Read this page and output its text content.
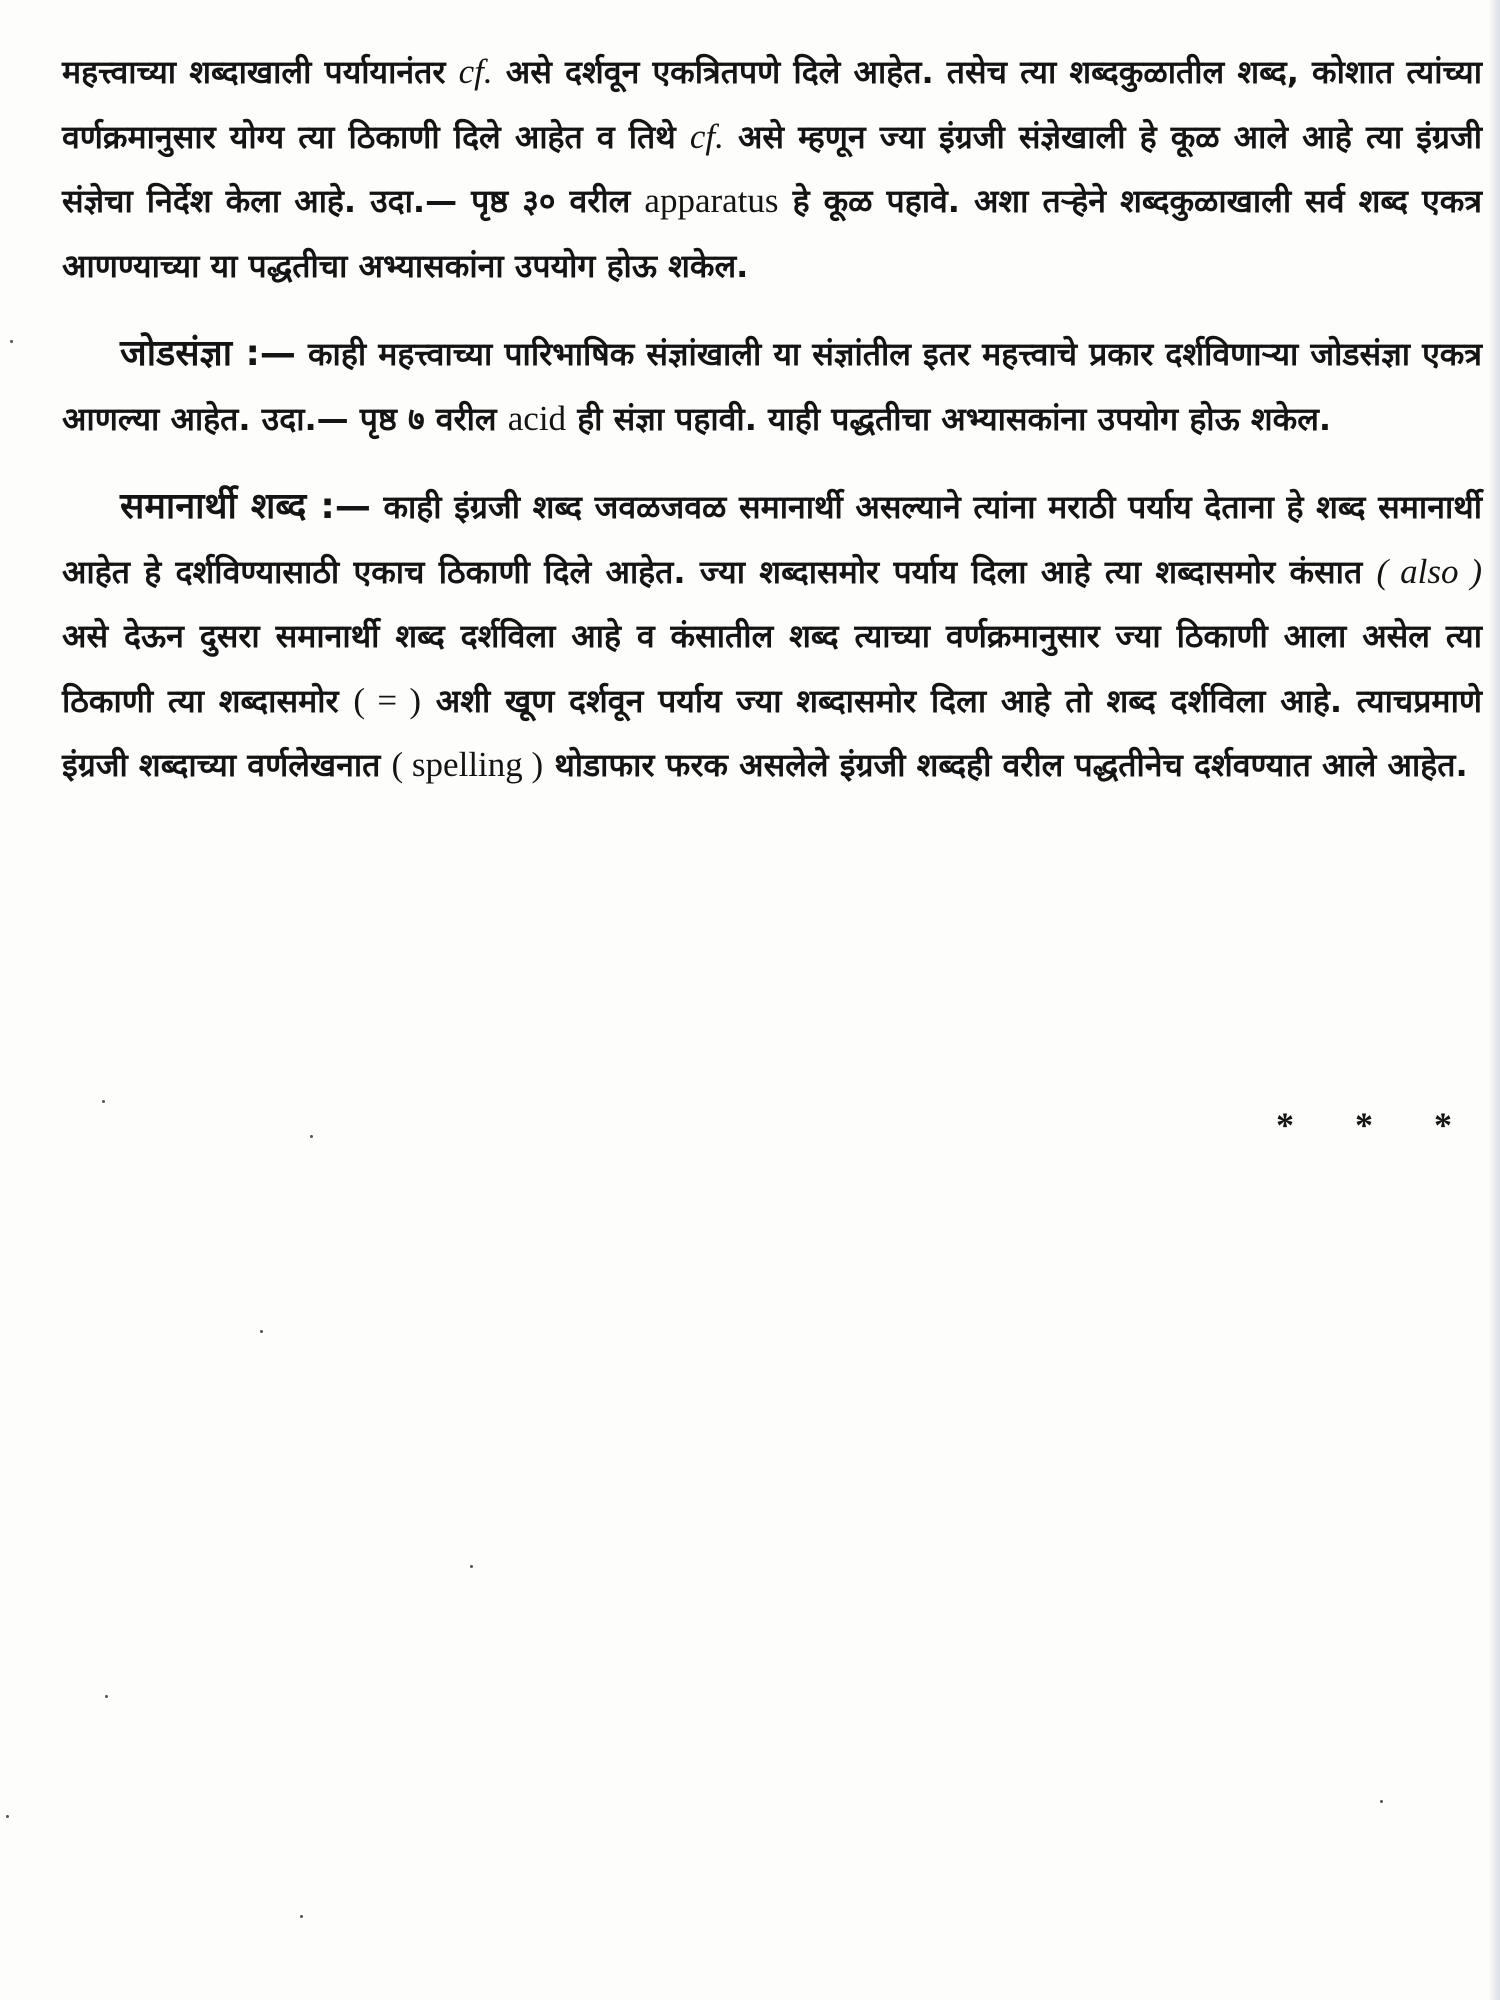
महत्त्वाच्या शब्दाखाली पर्यायानंतर cf. असे दर्शवून एकत्रितपणे दिले आहेत. तसेच त्या शब्दकुळातील शब्द, कोशात त्यांच्या वर्णक्रमानुसार योग्य त्या ठिकाणी दिले आहेत व तिथे cf. असे म्हणून ज्या इंग्रजी संज्ञेखाली हे कूळ आले आहे त्या इंग्रजी संज्ञेचा निर्देश केला आहे. उदा.— पृष्ठ ३० वरील apparatus हे कूळ पहावे. अशा तऱ्हेने शब्दकुळाखाली सर्व शब्द एकत्र आणण्याच्या या पद्धतीचा अभ्यासकांना उपयोग होऊ शकेल.

जोडसंज्ञा :— काही महत्त्वाच्या पारिभाषिक संज्ञांखाली या संज्ञांतील इतर महत्त्वाचे प्रकार दर्शविणाऱ्या जोडसंज्ञा एकत्र आणल्या आहेत. उदा.— पृष्ठ ७ वरील acid ही संज्ञा पहावी. याही पद्धतीचा अभ्यासकांना उपयोग होऊ शकेल.

समानार्थी शब्द :— काही इंग्रजी शब्द जवळजवळ समानार्थी असल्याने त्यांना मराठी पर्याय देताना हे शब्द समानार्थी आहेत हे दर्शविण्यासाठी एकाच ठिकाणी दिले आहेत. ज्या शब्दासमोर पर्याय दिला आहे त्या शब्दासमोर कंसात ( also ) असे देऊन दुसरा समानार्थी शब्द दर्शविला आहे व कंसातील शब्द त्याच्या वर्णक्रमानुसार ज्या ठिकाणी आला असेल त्या ठिकाणी त्या शब्दासमोर ( = ) अशी खूण दर्शवून पर्याय ज्या शब्दासमोर दिला आहे तो शब्द दर्शविला आहे. त्याचप्रमाणे इंग्रजी शब्दाच्या वर्णलेखनात ( spelling ) थोडाफार फरक असलेले इंग्रजी शब्दही वरील पद्धतीनेच दर्शवण्यात आले आहेत.

* * *
